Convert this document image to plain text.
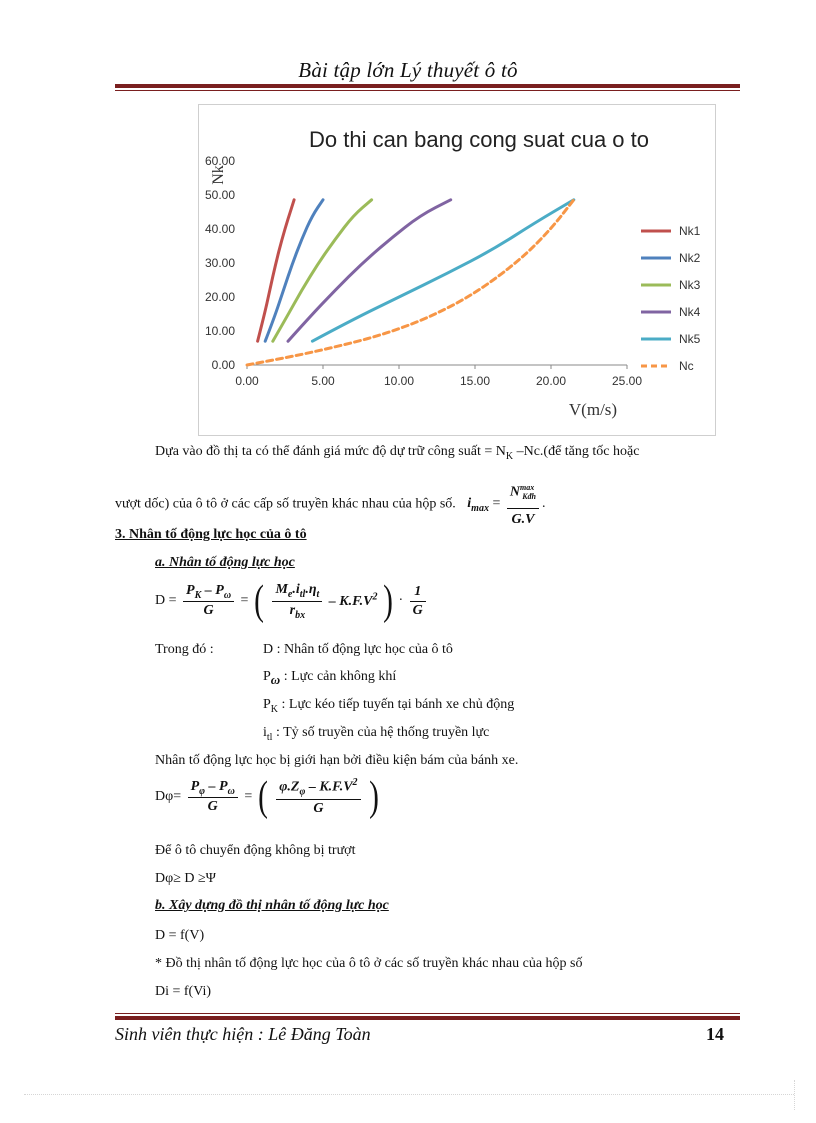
Bài tập lớn Lý thuyết ô tô
Do thi can bang cong suat cua o to
Nk
V(m/s)
0.00	5.00	10.00	15.00	20.00	25.00
0.00
10.00
20.00
30.00
40.00
50.00
60.00
Nk1
Nk2
Nk3
Nk4
Nk5
Nc
Dựa vào đồ thị ta có thể đánh giá mức độ dự trữ công suất = $N_K$ –Nc.(để tăng tốc hoặc
vượt dốc) của ô tô ở các cấp số truyền khác nhau của hộp số. $i_{max} = \frac{N^{max}_{Kđh}}{G.V}$ .
3. Nhân tố động lực học của ô tô
a. Nhân tố động lực học
$D = \frac{P_K - P_\omega}{G}$ = ( $\frac{M_e.i_{tl}.\eta_t}{r_{bx}} - K.F.V^2$ ) · $\frac{1}{G}$
Trong đó :	D : Nhân tố động lực học của ô tô
$P_\omega$ : Lực cản không khí
$P_K$ : Lực kéo tiếp tuyến tại bánh xe chủ động
$i_{tl}$ : Tỷ số truyền của hệ thống truyền lực
Nhân tố động lực học bị giới hạn bởi điều kiện bám của bánh xe.
$D\varphi= \frac{P_\varphi - P_\omega}{G}$ = ( $\frac{\varphi.Z_\varphi - K.F.V^2}{G}$ )
Để ô tô chuyển động không bị trượt
Dφ≥ D ≥Ψ
b. Xây dựng đồ thị nhân tố động lực học
D = f(V)
* Đồ thị nhân tố động lực học của ô tô ở các số truyền khác nhau của hộp số
Di = f(Vi)
Sinh viên thực hiện : Lê Đăng Toàn	14
